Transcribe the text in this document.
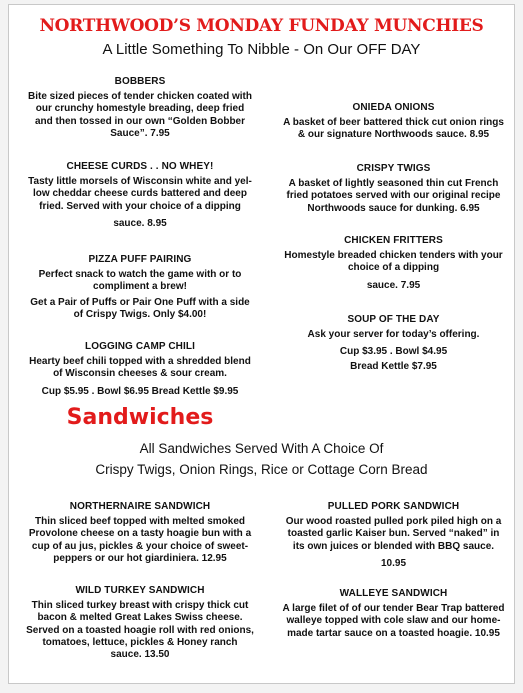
NORTHWOOD’S MONDAY FUNDAY MUNCHIES
A Little Something To Nibble - On Our OFF DAY
BOBBERS
Bite sized pieces of tender chicken coated with
our crunchy homestyle breading, deep fried
and then tossed in our own “Golden Bobber
Sauce”. 7.95
CHEESE CURDS . . NO WHEY!
Tasty little morsels of Wisconsin white and yel-
low cheddar cheese curds battered and deep
fried. Served with your choice of a dipping
sauce. 8.95
PIZZA PUFF PAIRING
Perfect snack to watch the game with or to
compliment a brew!
Get a Pair of Puffs or Pair One Puff with a side
of Crispy Twigs. Only $4.00!
LOGGING CAMP CHILI
Hearty beef chili topped with a shredded blend
of Wisconsin cheeses & sour cream.
Cup $5.95 . Bowl $6.95 Bread Kettle $9.95
ONIEDA ONIONS
A basket of beer battered thick cut onion rings
& our signature Northwoods sauce. 8.95
CRISPY TWIGS
A basket of lightly seasoned thin cut French
fried potatoes served with our original recipe
Northwoods sauce for dunking. 6.95
CHICKEN FRITTERS
Homestyle breaded chicken tenders with your
choice of a dipping
sauce. 7.95
SOUP OF THE DAY
Ask your server for today’s offering.
Cup $3.95 . Bowl $4.95
Bread Kettle $7.95
Sandwiches
All Sandwiches Served With A Choice Of
Crispy Twigs, Onion Rings, Rice or Cottage Corn Bread
NORTHERNAIRE SANDWICH
Thin sliced beef topped with melted smoked
Provolone cheese on a tasty hoagie bun with a
cup of au jus, pickles & your choice of sweet-
peppers or our hot giardiniera. 12.95
WILD TURKEY SANDWICH
Thin sliced turkey breast with crispy thick cut
bacon & melted Great Lakes Swiss cheese.
Served on a toasted hoagie roll with red onions,
tomatoes, lettuce, pickles & Honey ranch
sauce. 13.50
PULLED PORK SANDWICH
Our wood roasted pulled pork piled high on a
toasted garlic Kaiser bun. Served “naked” in
its own juices or blended with BBQ sauce.
10.95
WALLEYE SANDWICH
A large filet of of our tender Bear Trap battered
walleye topped with cole slaw and our home-
made tartar sauce on a toasted hoagie. 10.95
